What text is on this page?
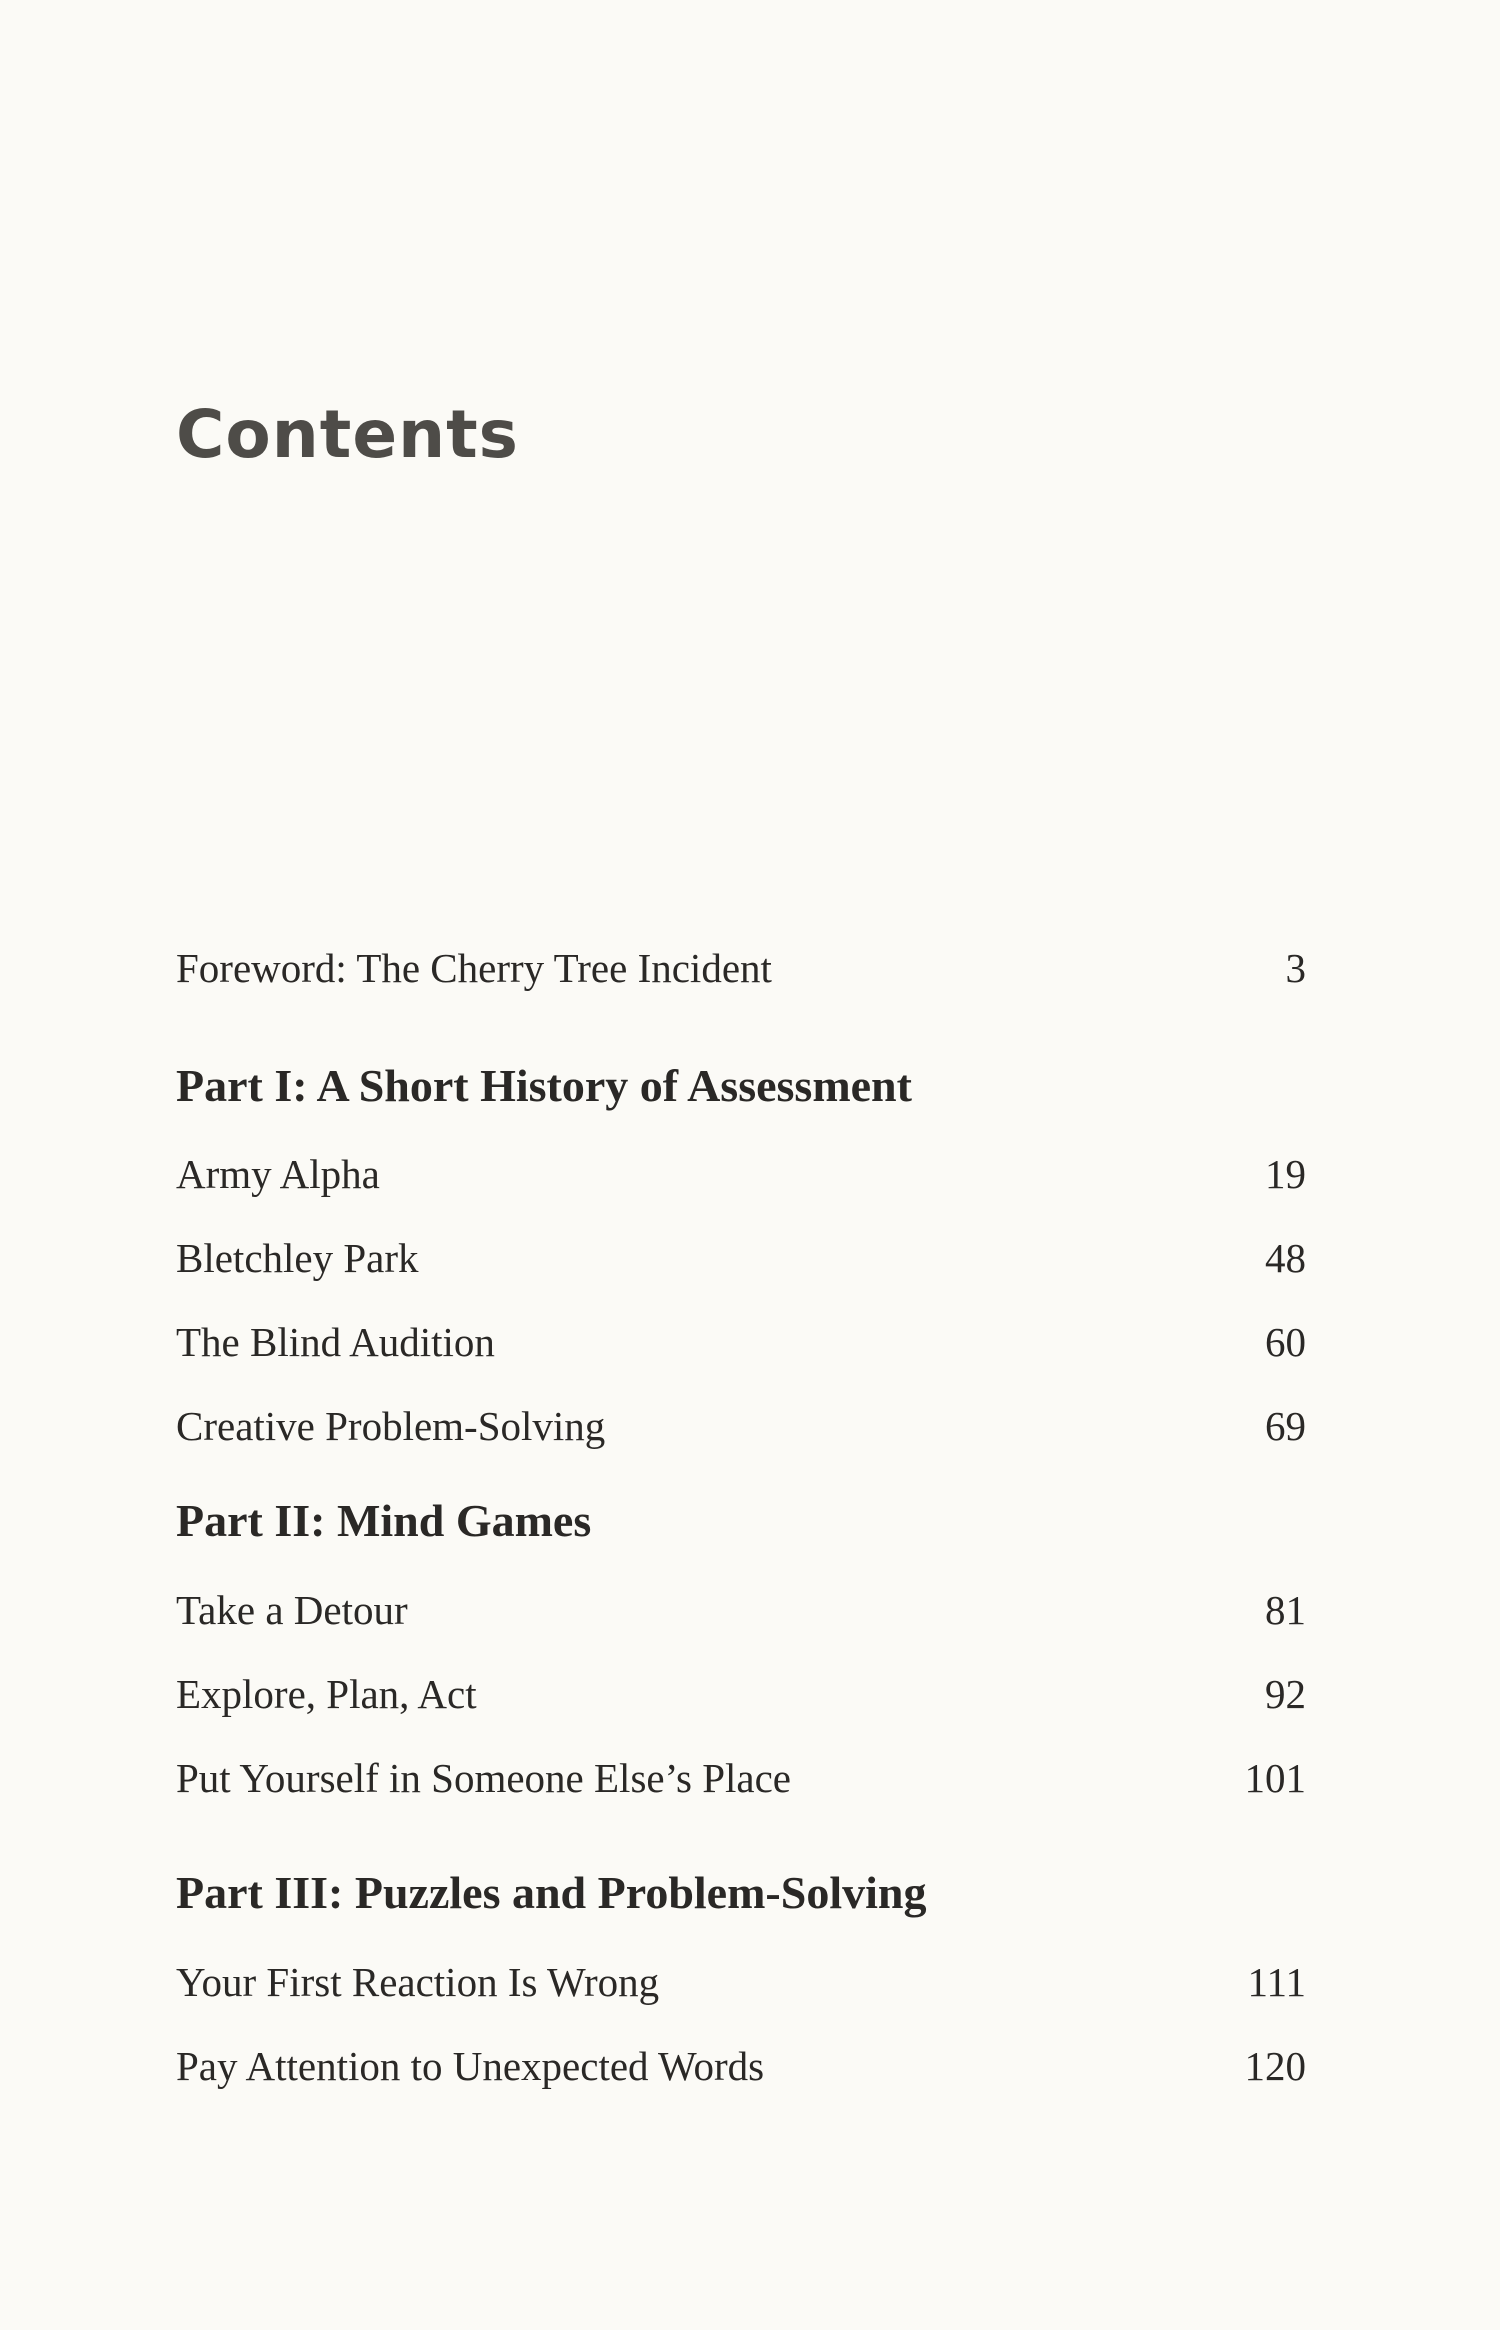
Contents
Foreword: The Cherry Tree Incident	3
Part I: A Short History of Assessment
Army Alpha	19
Bletchley Park	48
The Blind Audition	60
Creative Problem-Solving	69
Part II: Mind Games
Take a Detour	81
Explore, Plan, Act	92
Put Yourself in Someone Else’s Place	101
Part III: Puzzles and Problem-Solving
Your First Reaction Is Wrong	111
Pay Attention to Unexpected Words	120
